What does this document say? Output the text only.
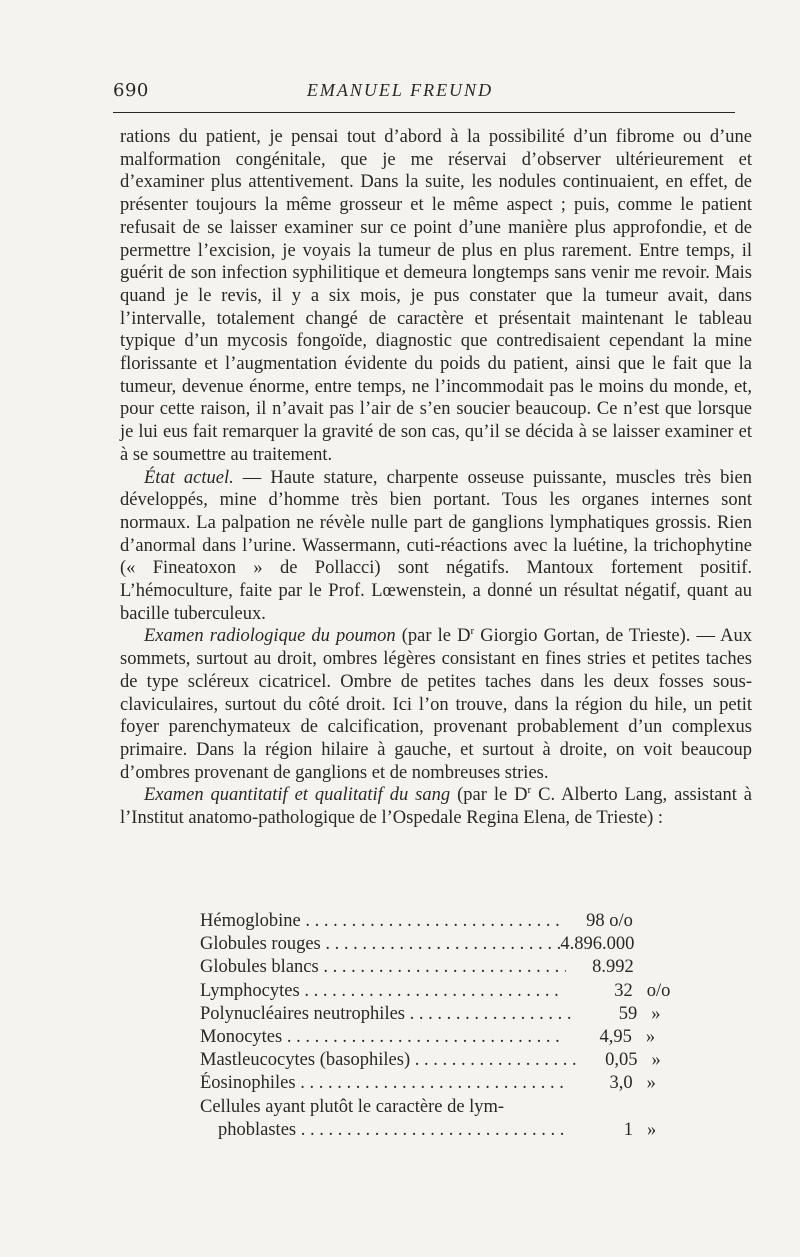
690	EMANUEL FREUND

rations du patient, je pensai tout d’abord à la possibilité d’un fibrome ou d’une malformation congénitale, que je me réservai d’observer ultérieurement et d’examiner plus attentivement. Dans la suite, les nodules continuaient, en effet, de présenter toujours la même grosseur et le même aspect ; puis, comme le patient refusait de se laisser examiner sur ce point d’une manière plus approfondie, et de permettre l’excision, je voyais la tumeur de plus en plus rarement. Entre temps, il guérit de son infection syphilitique et demeura longtemps sans venir me revoir. Mais quand je le revis, il y a six mois, je pus constater que la tumeur avait, dans l’intervalle, totalement changé de caractère et présentait maintenant le tableau typique d’un mycosis fongoïde, diagnostic que contredisaient cependant la mine florissante et l’augmentation évidente du poids du patient, ainsi que le fait que la tumeur, devenue énorme, entre temps, ne l’incommodait pas le moins du monde, et, pour cette raison, il n’avait pas l’air de s’en soucier beaucoup. Ce n’est que lorsque je lui eus fait remarquer la gravité de son cas, qu’il se décida à se laisser examiner et à se soumettre au traitement.

État actuel. — Haute stature, charpente osseuse puissante, muscles très bien développés, mine d’homme très bien portant. Tous les organes internes sont normaux. La palpation ne révèle nulle part de ganglions lymphatiques grossis. Rien d’anormal dans l’urine. Wassermann, cuti-réactions avec la luétine, la trichophytine (« Fineatoxon » de Pollacci) sont négatifs. Mantoux fortement positif. L’hémoculture, faite par le Prof. Lœwenstein, a donné un résultat négatif, quant au bacille tuberculeux.

Examen radiologique du poumon (par le $D^r$ Giorgio Gortan, de Trieste). — Aux sommets, surtout au droit, ombres légères consistant en fines stries et petites taches de type scléreux cicatricel. Ombre de petites taches dans les deux fosses sous-claviculaires, surtout du côté droit. Ici l’on trouve, dans la région du hile, un petit foyer parenchymateux de calcification, provenant probablement d’un complexus primaire. Dans la région hilaire à gauche, et surtout à droite, on voit beaucoup d’ombres provenant de ganglions et de nombreuses stries.

Examen quantitatif et qualitatif du sang (par le $D^r$ C. Alberto Lang, assistant à l’Institut anatomo-pathologique de l’Ospedale Regina Elena, de Trieste) :

Hémoglobine . . .	98 o/o
Globules rouges . . .	4.896.000
Globules blancs . . .	8.992
Lymphocytes . . .	32 o/o
Polynucléaires neutrophiles . . .	59 »
Monocytes . . .	4,95 »
Mastleucocytes (basophiles) . . .	0,05 »
Éosinophiles . . .	3,0 »
Cellules ayant plutôt le caractère de lym-
phoblastes . . .	1 »
